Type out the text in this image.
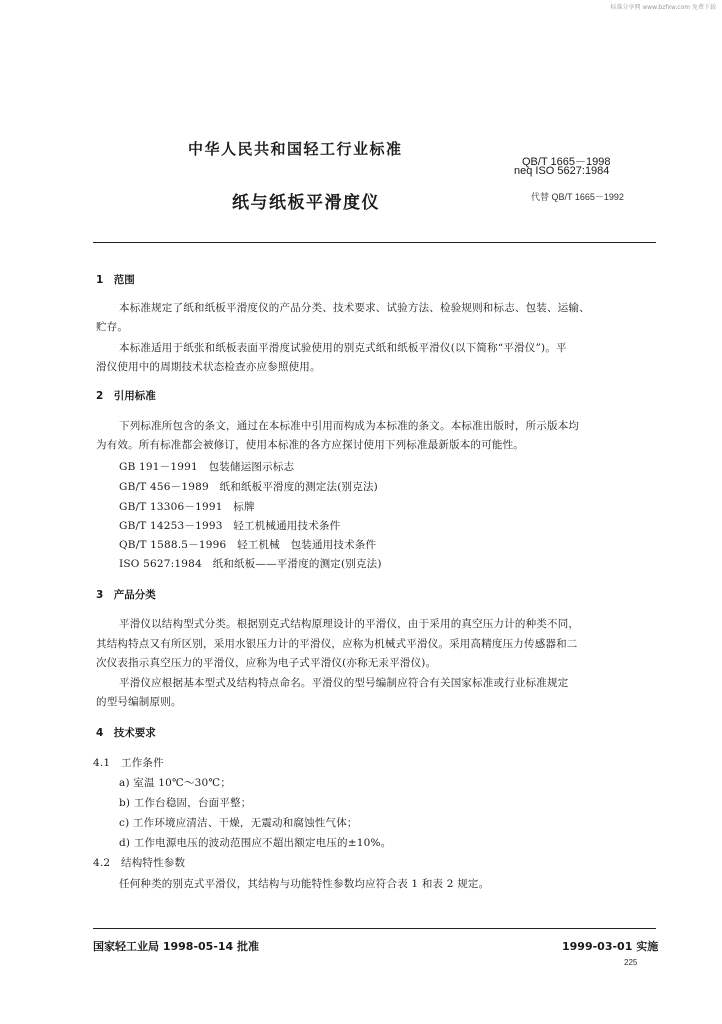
标准分享网 www.bzfxw.com 免费下载
中华人民共和国轻工行业标准
QB/T 1665－1998
neq ISO 5627:1984
纸与纸板平滑度仪	代替 QB/T 1665－1992
1　范围
本标准规定了纸和纸板平滑度仪的产品分类、技术要求、试验方法、检验规则和标志、包装、运输、
贮存。
本标准适用于纸张和纸板表面平滑度试验使用的别克式纸和纸板平滑仪(以下简称“平滑仪”)。平
滑仪使用中的周期技术状态检查亦应参照使用。
2　引用标准
下列标准所包含的条文，通过在本标准中引用而构成为本标准的条文。本标准出版时，所示版本均
为有效。所有标准都会被修订，使用本标准的各方应探讨使用下列标准最新版本的可能性。
GB 191－1991　包装储运图示标志
GB/T 456－1989　纸和纸板平滑度的测定法(别克法)
GB/T 13306－1991　标牌
GB/T 14253－1993　轻工机械通用技术条件
QB/T 1588.5－1996　轻工机械　包装通用技术条件
ISO 5627:1984　纸和纸板——平滑度的测定(别克法)
3　产品分类
平滑仪以结构型式分类。根据别克式结构原理设计的平滑仪，由于采用的真空压力计的种类不同，
其结构特点又有所区别，采用水银压力计的平滑仪，应称为机械式平滑仪。采用高精度压力传感器和二
次仪表指示真空压力的平滑仪，应称为电子式平滑仪(亦称无汞平滑仪)。
平滑仪应根据基本型式及结构特点命名。平滑仪的型号编制应符合有关国家标准或行业标准规定
的型号编制原则。
4　技术要求
4.1　工作条件
a) 室温 10℃～30℃；
b) 工作台稳固，台面平整；
c) 工作环境应清洁、干燥，无震动和腐蚀性气体；
d) 工作电源电压的波动范围应不超出额定电压的±10%。
4.2　结构特性参数
任何种类的别克式平滑仪，其结构与功能特性参数均应符合表 1 和表 2 规定。
国家轻工业局 1998-05-14 批准	1999-03-01 实施
225
